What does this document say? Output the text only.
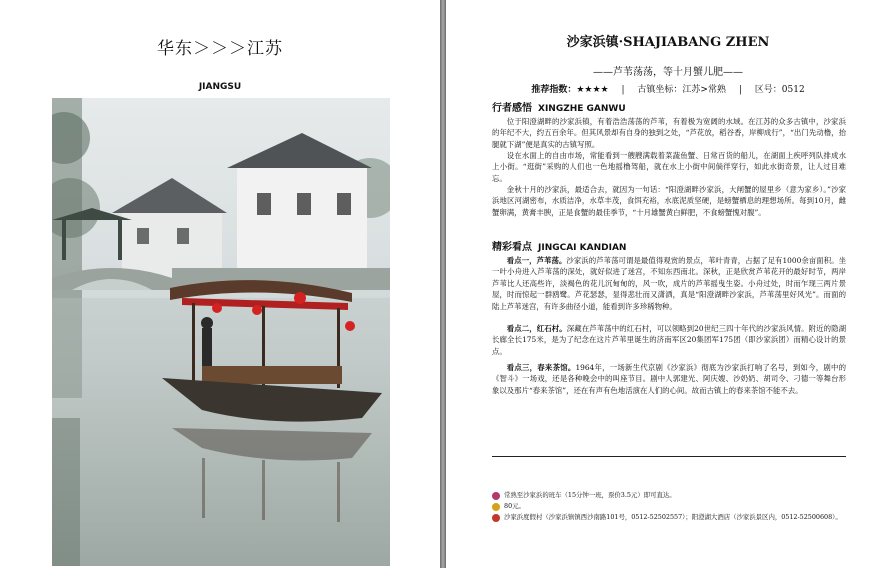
华东＞＞＞江苏
JIANGSU
沙家浜镇·SHAJIABANG ZHEN
——芦苇荡荡，等十月蟹儿肥——
推荐指数：★★★★ | 古镇坐标：江苏>常熟 | 区号：0512
行者感悟 XINGZHE GANWU
位于阳澄湖畔的沙家浜镇，有着浩浩荡荡的芦苇，有着极为宽阔的水域。在江苏的众多古镇中，沙家浜的年纪不大，约五百余年。但其风景却有自身的独到之处，“芦花放，稻谷香，岸柳成行”，“出门先动橹，抬腿就下湖”便是真实的古镇写照。
设在水面上的自由市场，常能看到一艘艘满载着菜蔬鱼蟹、日常百货的船儿，在湖面上疾呼列队排成水上小街。“逛街”采购的人们也一色地摇橹驾船，就在水上小街中间倘徉穿行，如此水街奇景，让人过目难忘。
金秋十月的沙家浜，最适合去，就因为一句话：“阳澄湖畔沙家浜，大闸蟹的屋里乡（意为家乡）。”沙家浜地区河湖密布，水质洁净，水草丰茂，食饵充裕，水底泥质坚硬，是螃蟹栖息的理想场所。每到10月，雌蟹卵满，黄膏丰腴，正是食蟹的最佳季节，“十月雄蟹黄白鲜肥，不食螃蟹愧对腹”。
精彩看点 JINGCAI KANDIAN
看点一，芦苇荡。沙家浜的芦苇荡可谓是最值得观赏的景点，苇叶青青，占据了足有1000余亩面积。坐一叶小舟进入芦苇荡的深处，就好似进了迷宫，不知东西南北。深秋，正是欣赏芦苇花开的最好时节，两岸芦苇比人还高些许，淡褐色的花儿沉甸甸的，风一吹，成片的芦苇摇曳生姿。小舟过处，时而乍现三两片景屋，时而惊起一群鸥鹭。芦花瑟瑟，显得悲壮而又潇洒，真是“阳澄湖畔沙家浜，芦苇荡里好风光”。而面的陆上芦苇迷宫，有许多曲径小道，能看到许多珍稀物种。
看点二，红石村。深藏在芦苇荡中的红石村，可以领略到20世纪三四十年代的沙家浜风情。附近的隐湖长廊全长175米，是为了纪念在这片芦苇里诞生的济南军区20集团军175团（即沙家浜团）而精心设计的景点。
看点三，春来茶馆。1964年，一场新生代京剧《沙家浜》彻底为沙家浜打响了名号，到如今，剧中的《智斗》一场戏，还是各种晚会中的叫座节目。剧中人郭建光、阿庆嫂、沙奶奶、胡司令、刁德一等舞台形象以及那片“春来茶馆”，还在有声有色地活演在人们的心间。故而古镇上的春来茶馆不能不去。
常熟至沙家浜的班车（15分钟一班，票价3.5元）即可直达。
80元。
沙家浜度假村（沙家浜镇镇西沙南路101号，0512-52502557）；阳澄湖大酒店（沙家浜景区内，0512-52500608）。
